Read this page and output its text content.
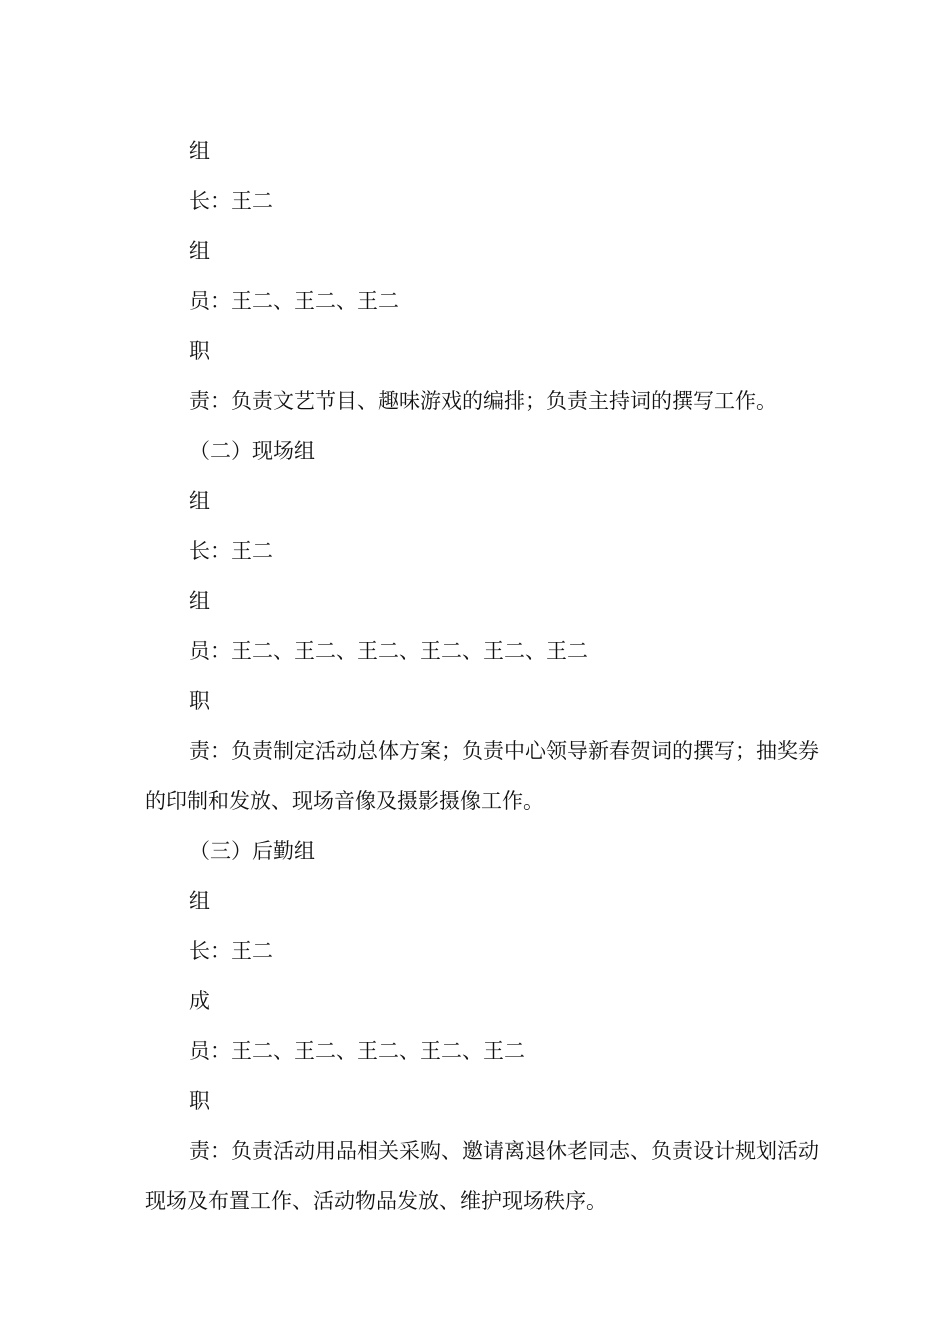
组
长：王二
组
员：王二、王二、王二
职
责：负责文艺节目、趣味游戏的编排；负责主持词的撰写工作。
（二）现场组
组
长：王二
组
员：王二、王二、王二、王二、王二、王二
职
责：负责制定活动总体方案；负责中心领导新春贺词的撰写；抽奖券的印制和发放、现场音像及摄影摄像工作。
（三）后勤组
组
长：王二
成
员：王二、王二、王二、王二、王二
职
责：负责活动用品相关采购、邀请离退休老同志、负责设计规划活动现场及布置工作、活动物品发放、维护现场秩序。
